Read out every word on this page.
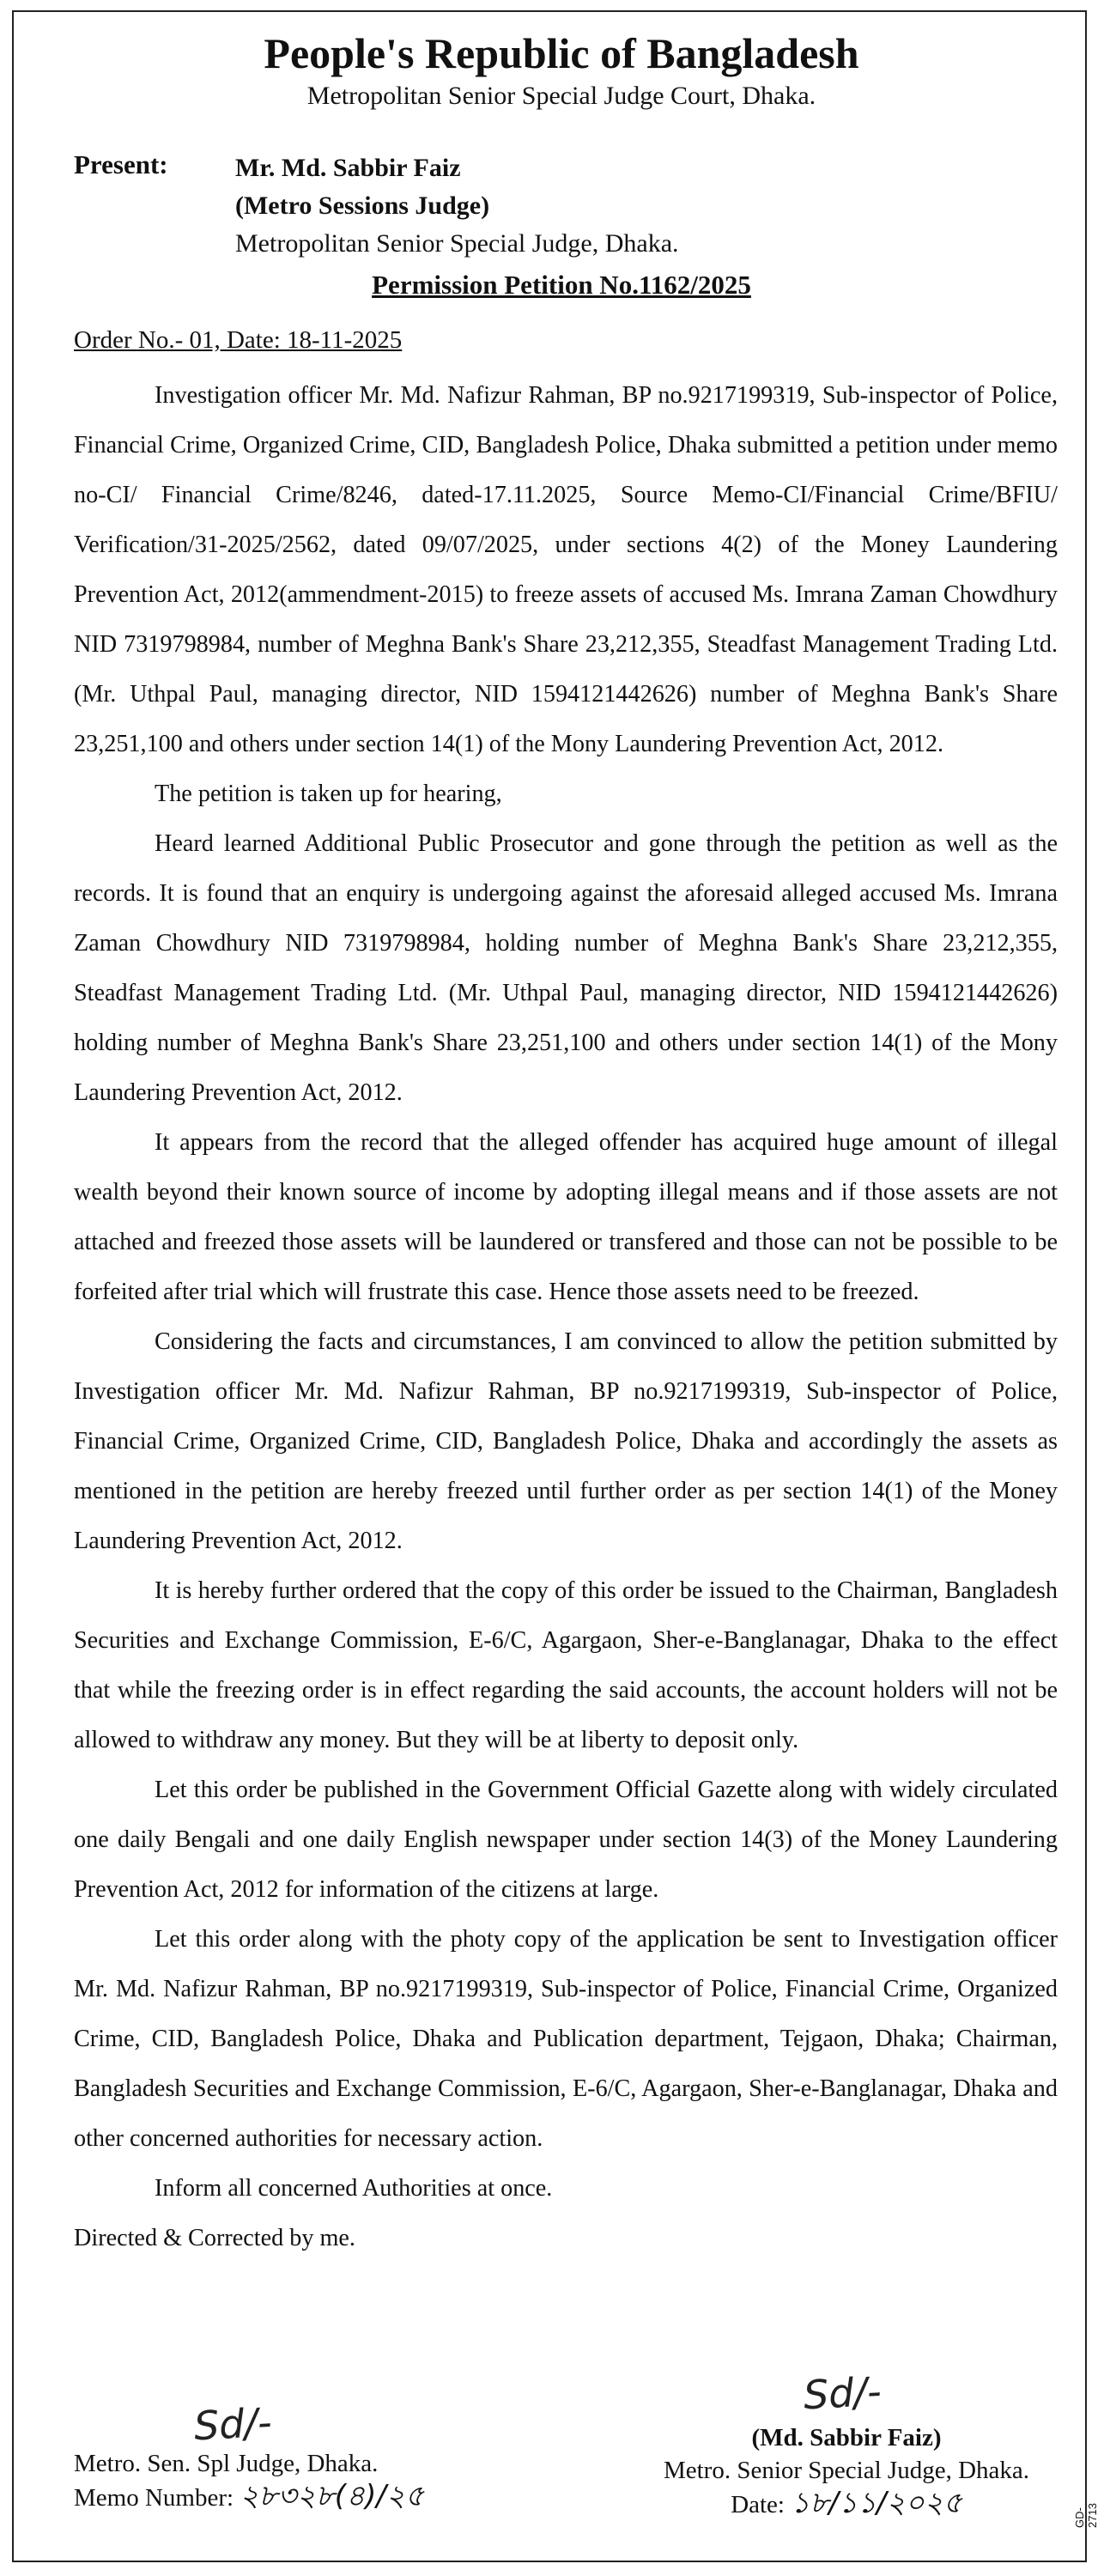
People's Republic of Bangladesh
Metropolitan Senior Special Judge Court, Dhaka.
Present:	Mr. Md. Sabbir Faiz
(Metro Sessions Judge)
Metropolitan Senior Special Judge, Dhaka.
Permission Petition No.1162/2025
Order No.- 01, Date: 18-11-2025

Investigation officer Mr. Md. Nafizur Rahman, BP no.9217199319, Sub-inspector of Police, Financial Crime, Organized Crime, CID, Bangladesh Police, Dhaka submitted a petition under memo no-CI/ Financial Crime/8246, dated-17.11.2025, Source Memo-CI/Financial Crime/BFIU/ Verification/31-2025/2562, dated 09/07/2025, under sections 4(2) of the Money Laundering Prevention Act, 2012(ammendment-2015) to freeze assets of accused Ms. Imrana Zaman Chowdhury NID 7319798984, number of Meghna Bank's Share 23,212,355, Steadfast Management Trading Ltd. (Mr. Uthpal Paul, managing director, NID 1594121442626) number of Meghna Bank's Share 23,251,100 and others under section 14(1) of the Mony Laundering Prevention Act, 2012.

The petition is taken up for hearing,

Heard learned Additional Public Prosecutor and gone through the petition as well as the records. It is found that an enquiry is undergoing against the aforesaid alleged accused Ms. Imrana Zaman Chowdhury NID 7319798984, holding number of Meghna Bank's Share 23,212,355, Steadfast Management Trading Ltd. (Mr. Uthpal Paul, managing director, NID 1594121442626) holding number of Meghna Bank's Share 23,251,100 and others under section 14(1) of the Mony Laundering Prevention Act, 2012.

It appears from the record that the alleged offender has acquired huge amount of illegal wealth beyond their known source of income by adopting illegal means and if those assets are not attached and freezed those assets will be laundered or transfered and those can not be possible to be forfeited after trial which will frustrate this case. Hence those assets need to be freezed.

Considering the facts and circumstances, I am convinced to allow the petition submitted by Investigation officer Mr. Md. Nafizur Rahman, BP no.9217199319, Sub-inspector of Police, Financial Crime, Organized Crime, CID, Bangladesh Police, Dhaka and accordingly the assets as mentioned in the petition are hereby freezed until further order as per section 14(1) of the Money Laundering Prevention Act, 2012.

It is hereby further ordered that the copy of this order be issued to the Chairman, Bangladesh Securities and Exchange Commission, E-6/C, Agargaon, Sher-e-Banglanagar, Dhaka to the effect that while the freezing order is in effect regarding the said accounts, the account holders will not be allowed to withdraw any money. But they will be at liberty to deposit only.

Let this order be published in the Government Official Gazette along with widely circulated one daily Bengali and one daily English newspaper under section 14(3) of the Money Laundering Prevention Act, 2012 for information of the citizens at large.

Let this order along with the photy copy of the application be sent to Investigation officer Mr. Md. Nafizur Rahman, BP no.9217199319, Sub-inspector of Police, Financial Crime, Organized Crime, CID, Bangladesh Police, Dhaka and Publication department, Tejgaon, Dhaka; Chairman, Bangladesh Securities and Exchange Commission, E-6/C, Agargaon, Sher-e-Banglanagar, Dhaka and other concerned authorities for necessary action.

Inform all concerned Authorities at once.

Directed & Corrected by me.

Sd/-
Metro. Sen. Spl Judge, Dhaka.
Memo Number: ২৮৩২৮(৪)/২৫
Sd/-
(Md. Sabbir Faiz)
Metro. Senior Special Judge, Dhaka.
Date: ১৮/১১/২০২৫	GD-2713
